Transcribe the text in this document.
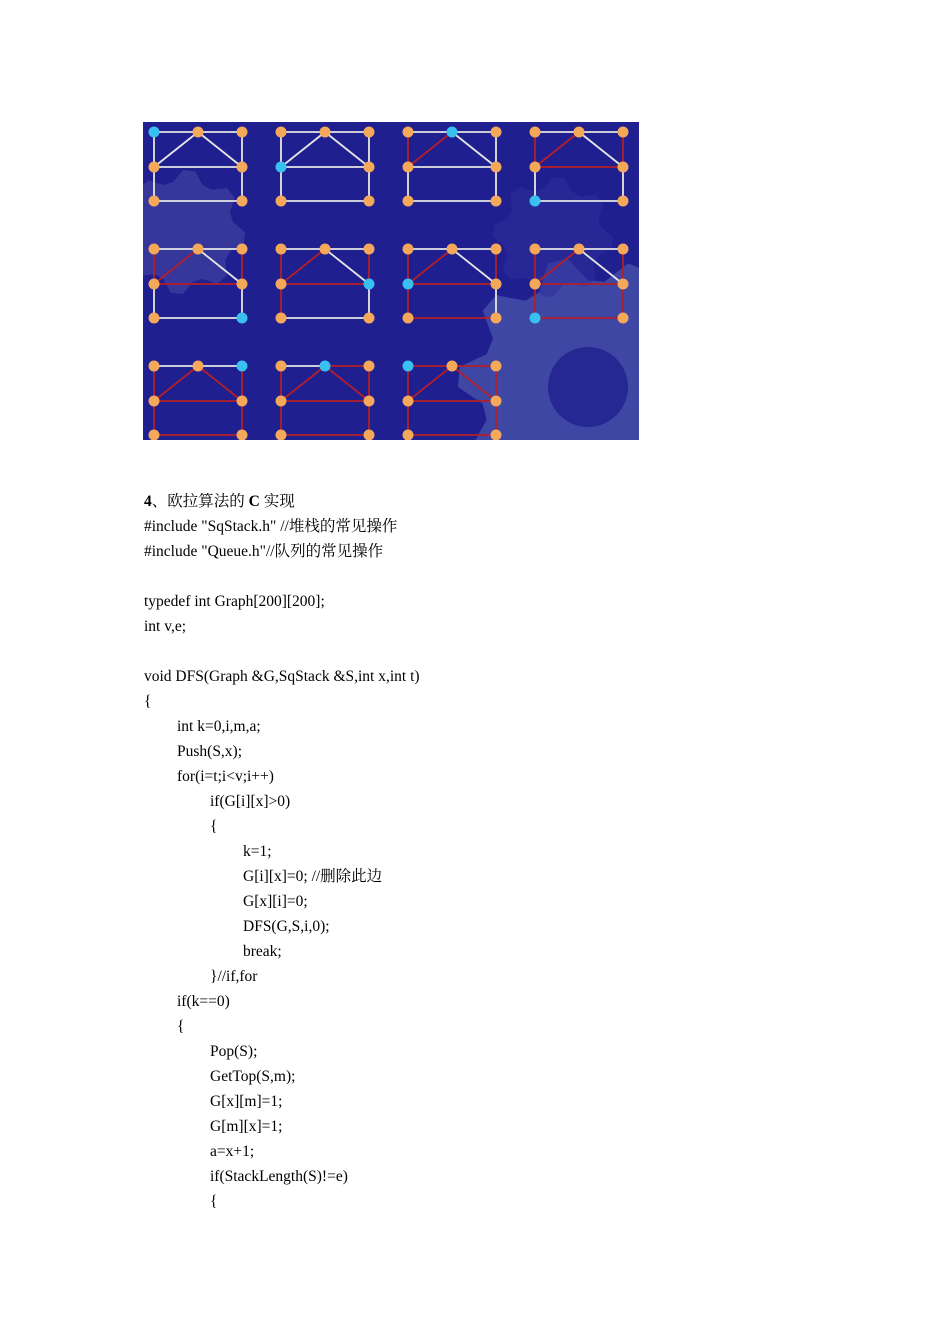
4、欧拉算法的 C 实现
#include "SqStack.h" //堆栈的常见操作
#include "Queue.h"//队列的常见操作
typedef int Graph[200][200];
int v,e;
void DFS(Graph &G,SqStack &S,int x,int t)
{
int k=0,i,m,a;
Push(S,x);
for(i=t;i<v;i++)
if(G[i][x]>0)
{
k=1;
G[i][x]=0; //删除此边
G[x][i]=0;
DFS(G,S,i,0);
break;
}//if,for
if(k==0)
{
Pop(S);
GetTop(S,m);
G[x][m]=1;
G[m][x]=1;
a=x+1;
if(StackLength(S)!=e)
{
